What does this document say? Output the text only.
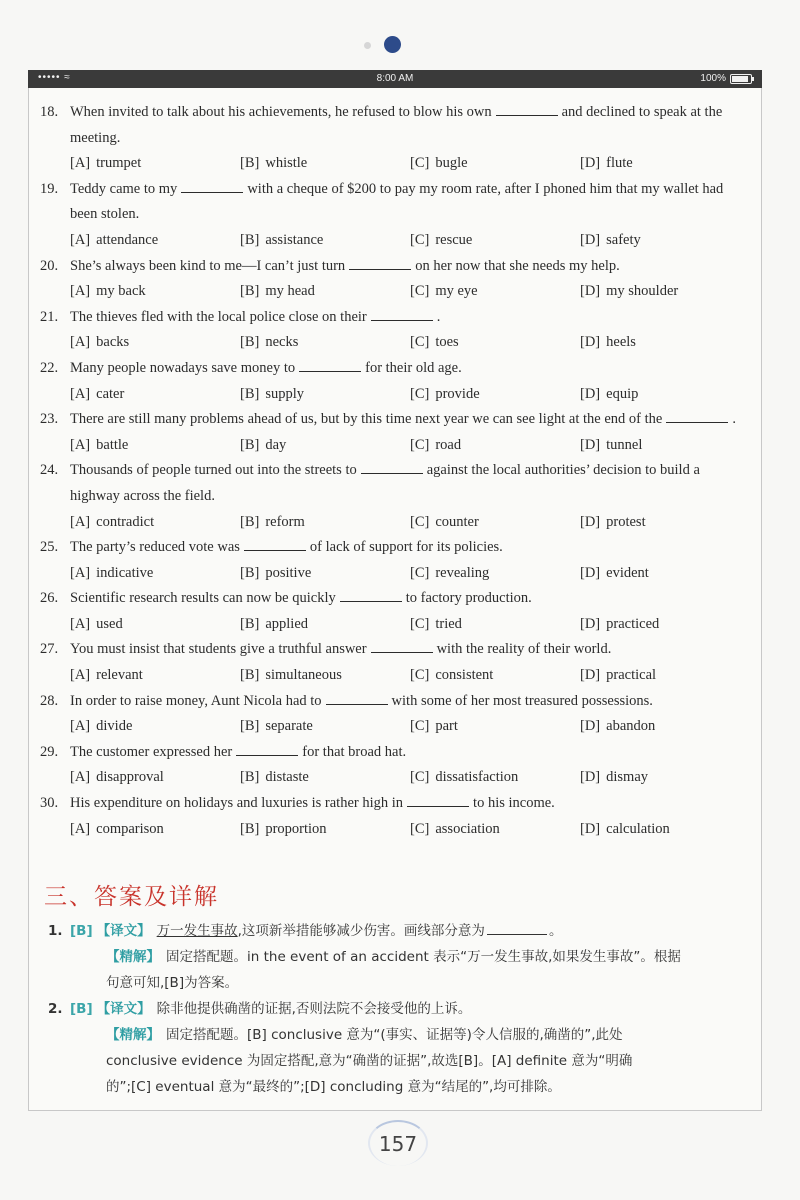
••••• ≈	8:00 AM	100%
18. When invited to talk about his achievements, he refused to blow his own	and declined to speak at the meeting.
[A] trumpet	[B] whistle	[C] bugle	[D] flute
19. Teddy came to my	with a cheque of $200 to pay my room rate, after I phoned him that my wallet had been stolen.
[A] attendance	[B] assistance	[C] rescue	[D] safety
20. She’s always been kind to me—I can’t just turn	on her now that she needs my help.
[A] my back	[B] my head	[C] my eye	[D] my shoulder
21. The thieves fled with the local police close on their	.
[A] backs	[B] necks	[C] toes	[D] heels
22. Many people nowadays save money to	for their old age.
[A] cater	[B] supply	[C] provide	[D] equip
23. There are still many problems ahead of us, but by this time next year we can see light at the end of the	.
[A] battle	[B] day	[C] road	[D] tunnel
24. Thousands of people turned out into the streets to	against the local authorities’ decision to build a highway across the field.
[A] contradict	[B] reform	[C] counter	[D] protest
25. The party’s reduced vote was	of lack of support for its policies.
[A] indicative	[B] positive	[C] revealing	[D] evident
26. Scientific research results can now be quickly	to factory production.
[A] used	[B] applied	[C] tried	[D] practiced
27. You must insist that students give a truthful answer	with the reality of their world.
[A] relevant	[B] simultaneous	[C] consistent	[D] practical
28. In order to raise money, Aunt Nicola had to	with some of her most treasured possessions.
[A] divide	[B] separate	[C] part	[D] abandon
29. The customer expressed her	for that broad hat.
[A] disapproval	[B] distaste	[C] dissatisfaction	[D] dismay
30. His expenditure on holidays and luxuries is rather high in	to his income.
[A] comparison	[B] proportion	[C] association	[D] calculation
三、答案及详解
1. [B] 【译文】 万一发生事故,这项新举措能够减少伤害。画线部分意为	。
【精解】 固定搭配题。in the event of an accident 表示“万一发生事故,如果发生事故”。根据
句意可知,[B]为答案。
2. [B] 【译文】 除非他提供确凿的证据,否则法院不会接受他的上诉。
【精解】 固定搭配题。[B] conclusive 意为“(事实、证据等)令人信服的,确凿的”,此处
conclusive evidence 为固定搭配,意为“确凿的证据”,故选[B]。[A] definite 意为“明确
的”;[C] eventual 意为“最终的”;[D] concluding 意为“结尾的”,均可排除。
157
